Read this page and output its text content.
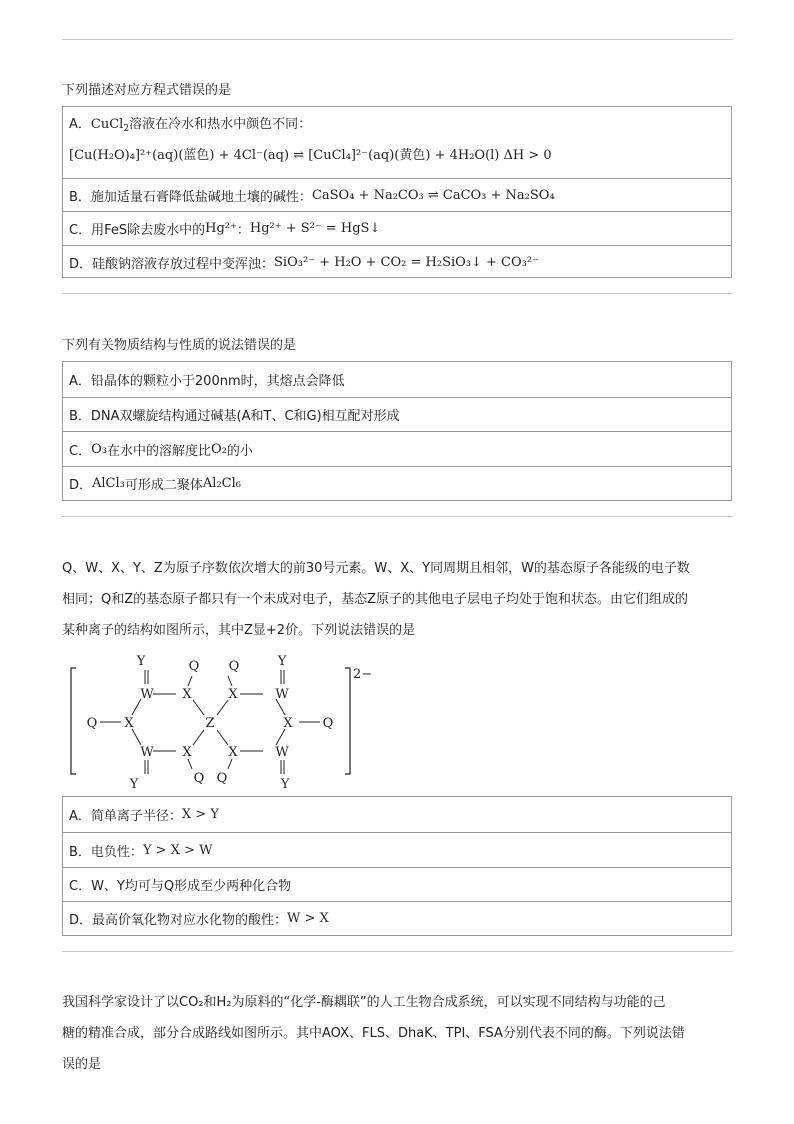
下列描述对应方程式错误的是
A．CuCl$_2$溶液在冷水和热水中颜色不同：
[Cu(H₂O)₄]²⁺(aq)(蓝色) + 4Cl⁻(aq) ⇌ [CuCl₄]²⁻(aq)(黄色) + 4H₂O(l) ΔH > 0
B． 施加适量石膏降低盐碱地土壤的碱性： CaSO₄ + Na₂CO₃ ⇌ CaCO₃ + Na₂SO₄
C． 用FeS除去废水中的 Hg²⁺ ： Hg²⁺ + S²⁻ = HgS↓
D． 硅酸钠溶液存放过程中变浑浊： SiO₃²⁻ + H₂O + CO₂ = H₂SiO₃↓ + CO₃²⁻
下列有关物质结构与性质的说法错误的是
A． 铅晶体的颗粒小于200nm时，其熔点会降低
B． DNA双螺旋结构通过碱基(A和T、C和G)相互配对形成
C． O₃ 在水中的溶解度比 O₂ 的小
D． AlCl₃ 可形成二聚体 Al₂Cl₆
Q、W、X、Y、Z为原子序数依次增大的前30号元素。W、X、Y同周期且相邻，W的基态原子各能级的电子数
相同；Q和Z的基态原子都只有一个未成对电子，基态Z原子的其他电子层电子均处于饱和状态。由它们组成的
某种离子的结构如图所示，其中Z显+2价。下列说法错误的是
2−
Y
W X
Q Q
X	W
Y
Q X	Z	X Q
W X	X	W
Y	Q Q	Y
A． 简单离子半径： X > Y
B． 电负性： Y > X > W
C． W、Y均可与Q形成至少两种化合物
D． 最高价氧化物对应水化物的酸性： W > X
我国科学家设计了以CO₂和H₂为原料的“化学-酶耦联”的人工生物合成系统，可以实现不同结构与功能的己
糖的精准合成，部分合成路线如图所示。其中AOX、FLS、DhaK、TPI、FSA分别代表不同的酶。下列说法错
误的是
